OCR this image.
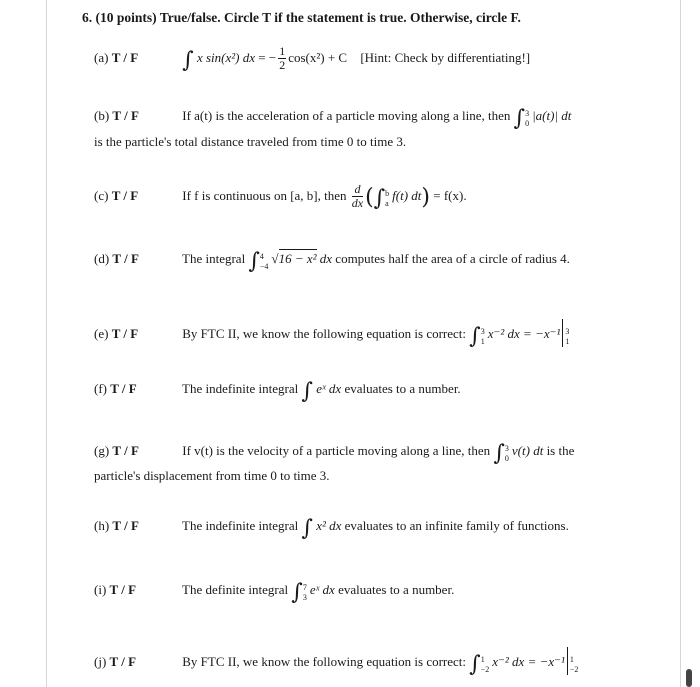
6. (10 points) True/false. Circle T if the statement is true. Otherwise, circle F.
(a) T / F ∫ x sin(x²) dx = − $\frac{1}{2} \cos(x^2) + C$ [Hint: Check by differentiating!]
(b) T / F	If a(t) is the acceleration of a particle moving along a line, then ∫ 3
0
|a(t)| dt
is the particle's total distance traveled from time 0 to time 3.
(c) T / F	If f is continuous on [a, b], then $\frac{d}{dx}$ (∫ b
a
f(t) dt) = f(x).
(d) T / F	The integral ∫ 4
−4
√16 − x² dx computes half the area of a circle of radius 4.
(e) T / F	By FTC II, we know the following equation is correct: ∫ 3
1
x⁻² dx = −x⁻¹ 3
1
(f) T / F	The indefinite integral ∫ eˣ dx evaluates to a number.
(g) T / F	If v(t) is the velocity of a particle moving along a line, then ∫ 3
0
v(t) dt is the
particle's displacement from time 0 to time 3.
(h) T / F	The indefinite integral ∫ x² dx evaluates to an infinite family of functions.
(i) T / F	The definite integral ∫ 7
3
eˣ dx evaluates to a number.
(j) T / F	By FTC II, we know the following equation is correct: ∫ 1
−2
x⁻² dx = −x⁻¹ 1
−2
